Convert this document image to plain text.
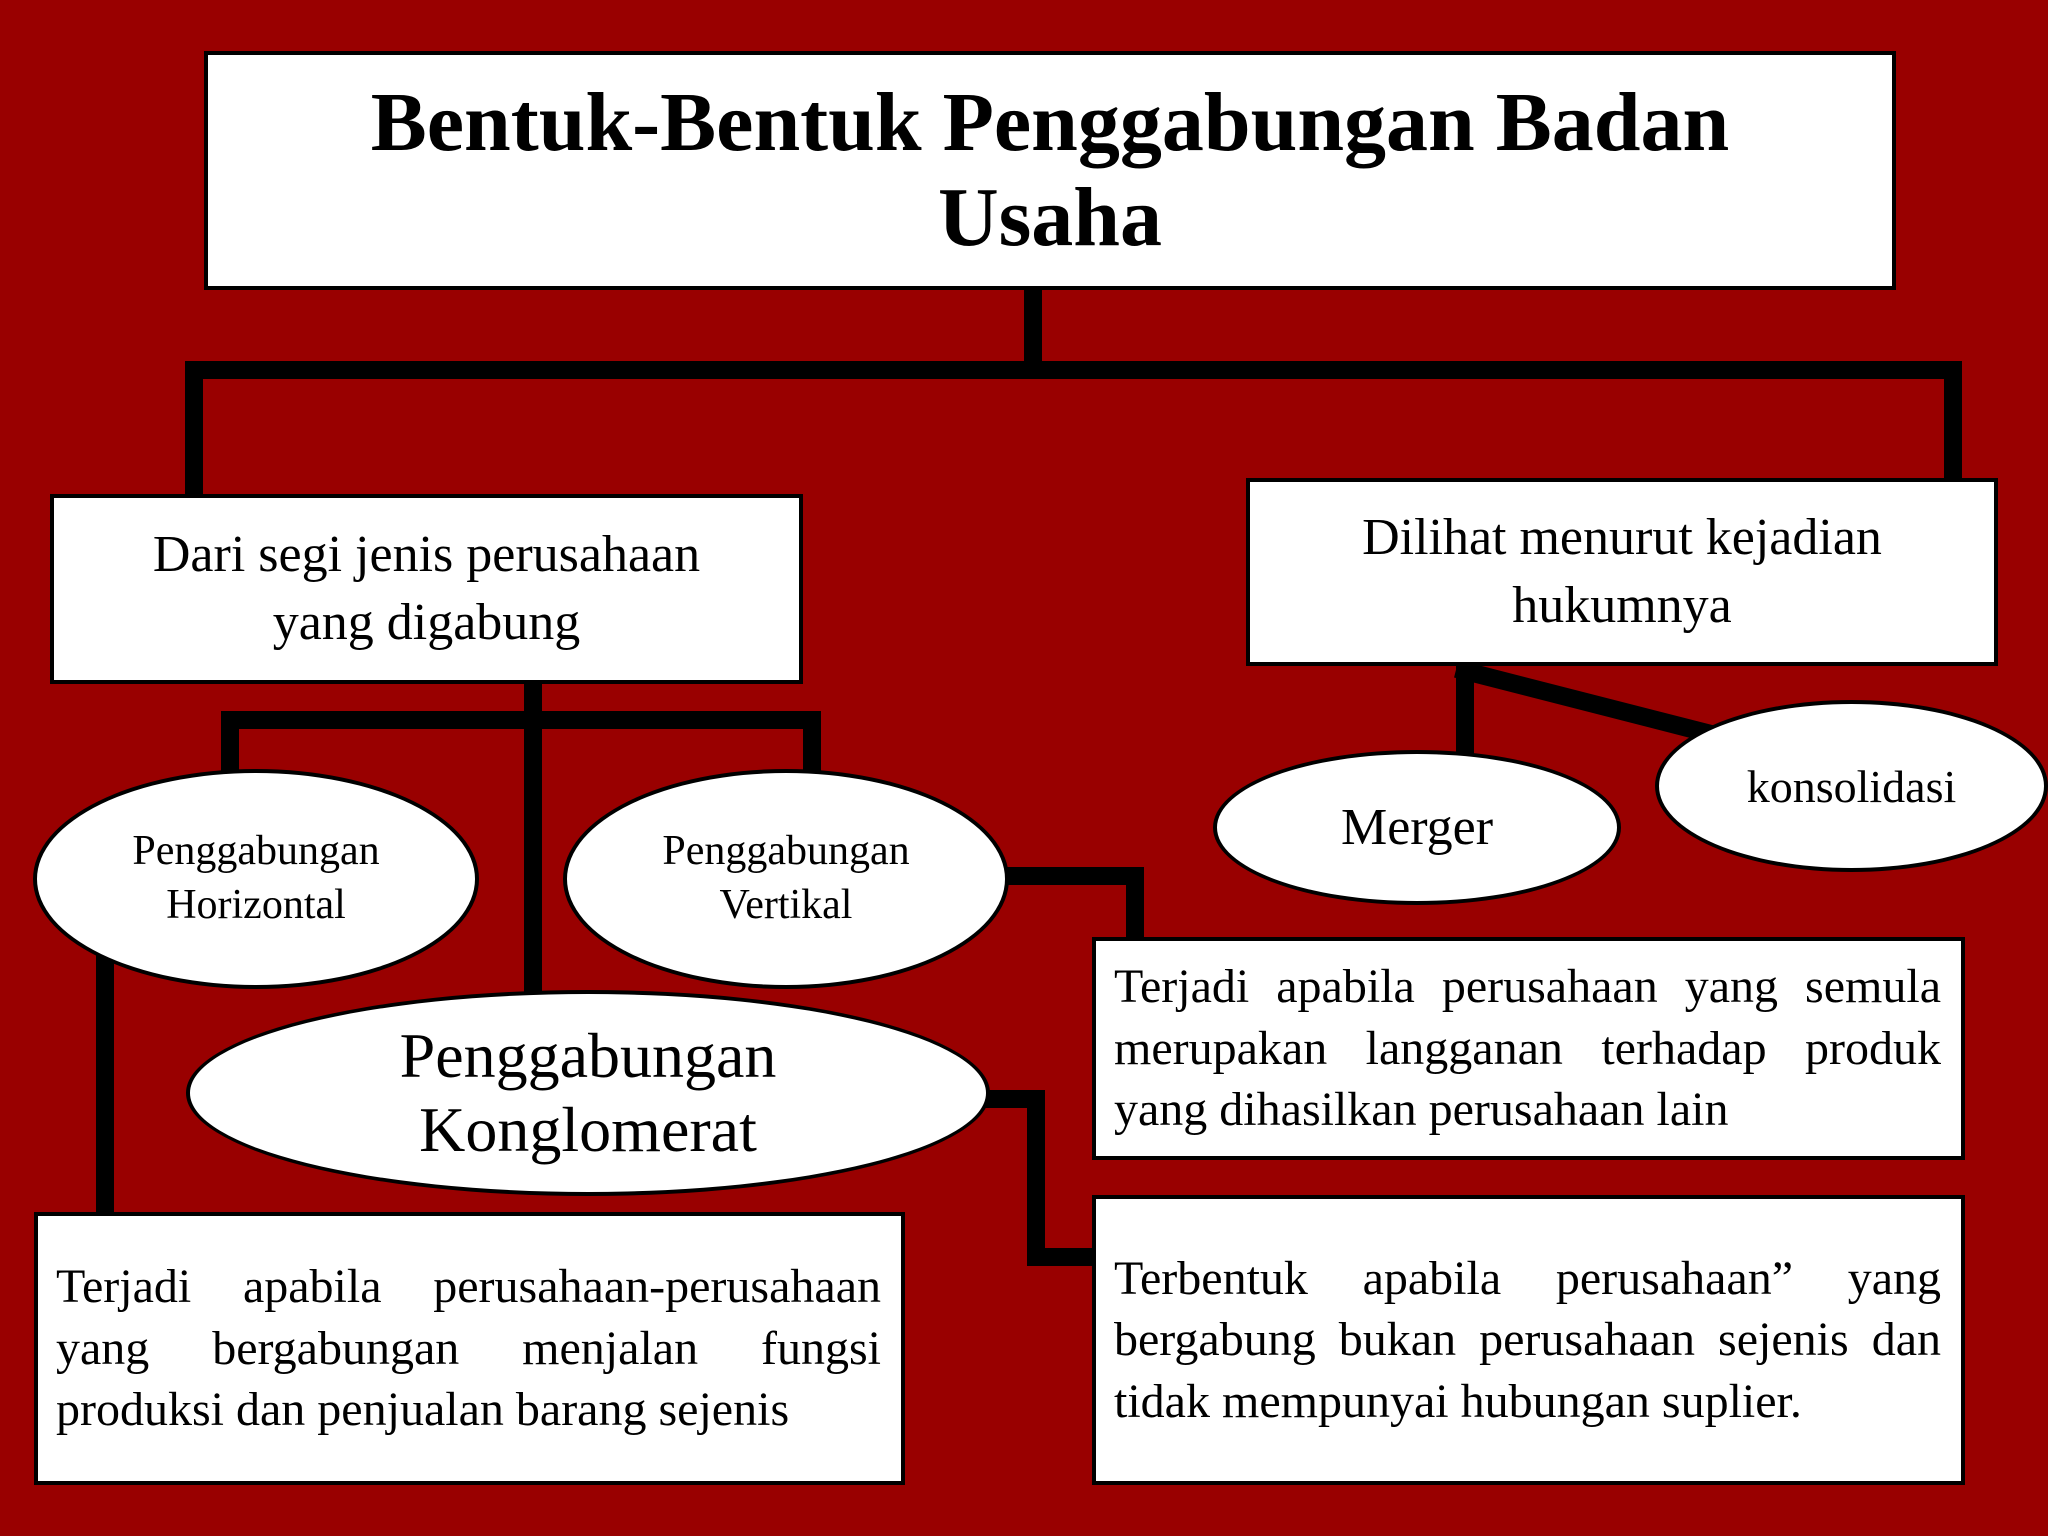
Bentuk-Bentuk Penggabungan Badan Usaha
Dari segi jenis perusahaan yang digabung
Dilihat menurut kejadian hukumnya
Penggabungan Horizontal
Penggabungan Vertikal
Penggabungan Konglomerat
Merger
konsolidasi
Terjadi apabila perusahaan yang semula merupakan langganan terhadap produk yang dihasilkan perusahaan lain
Terbentuk apabila perusahaan” yang bergabung bukan perusahaan sejenis dan tidak mempunyai hubungan suplier.
Terjadi apabila perusahaan-perusahaan yang bergabungan menjalan fungsi produksi dan penjualan barang sejenis
